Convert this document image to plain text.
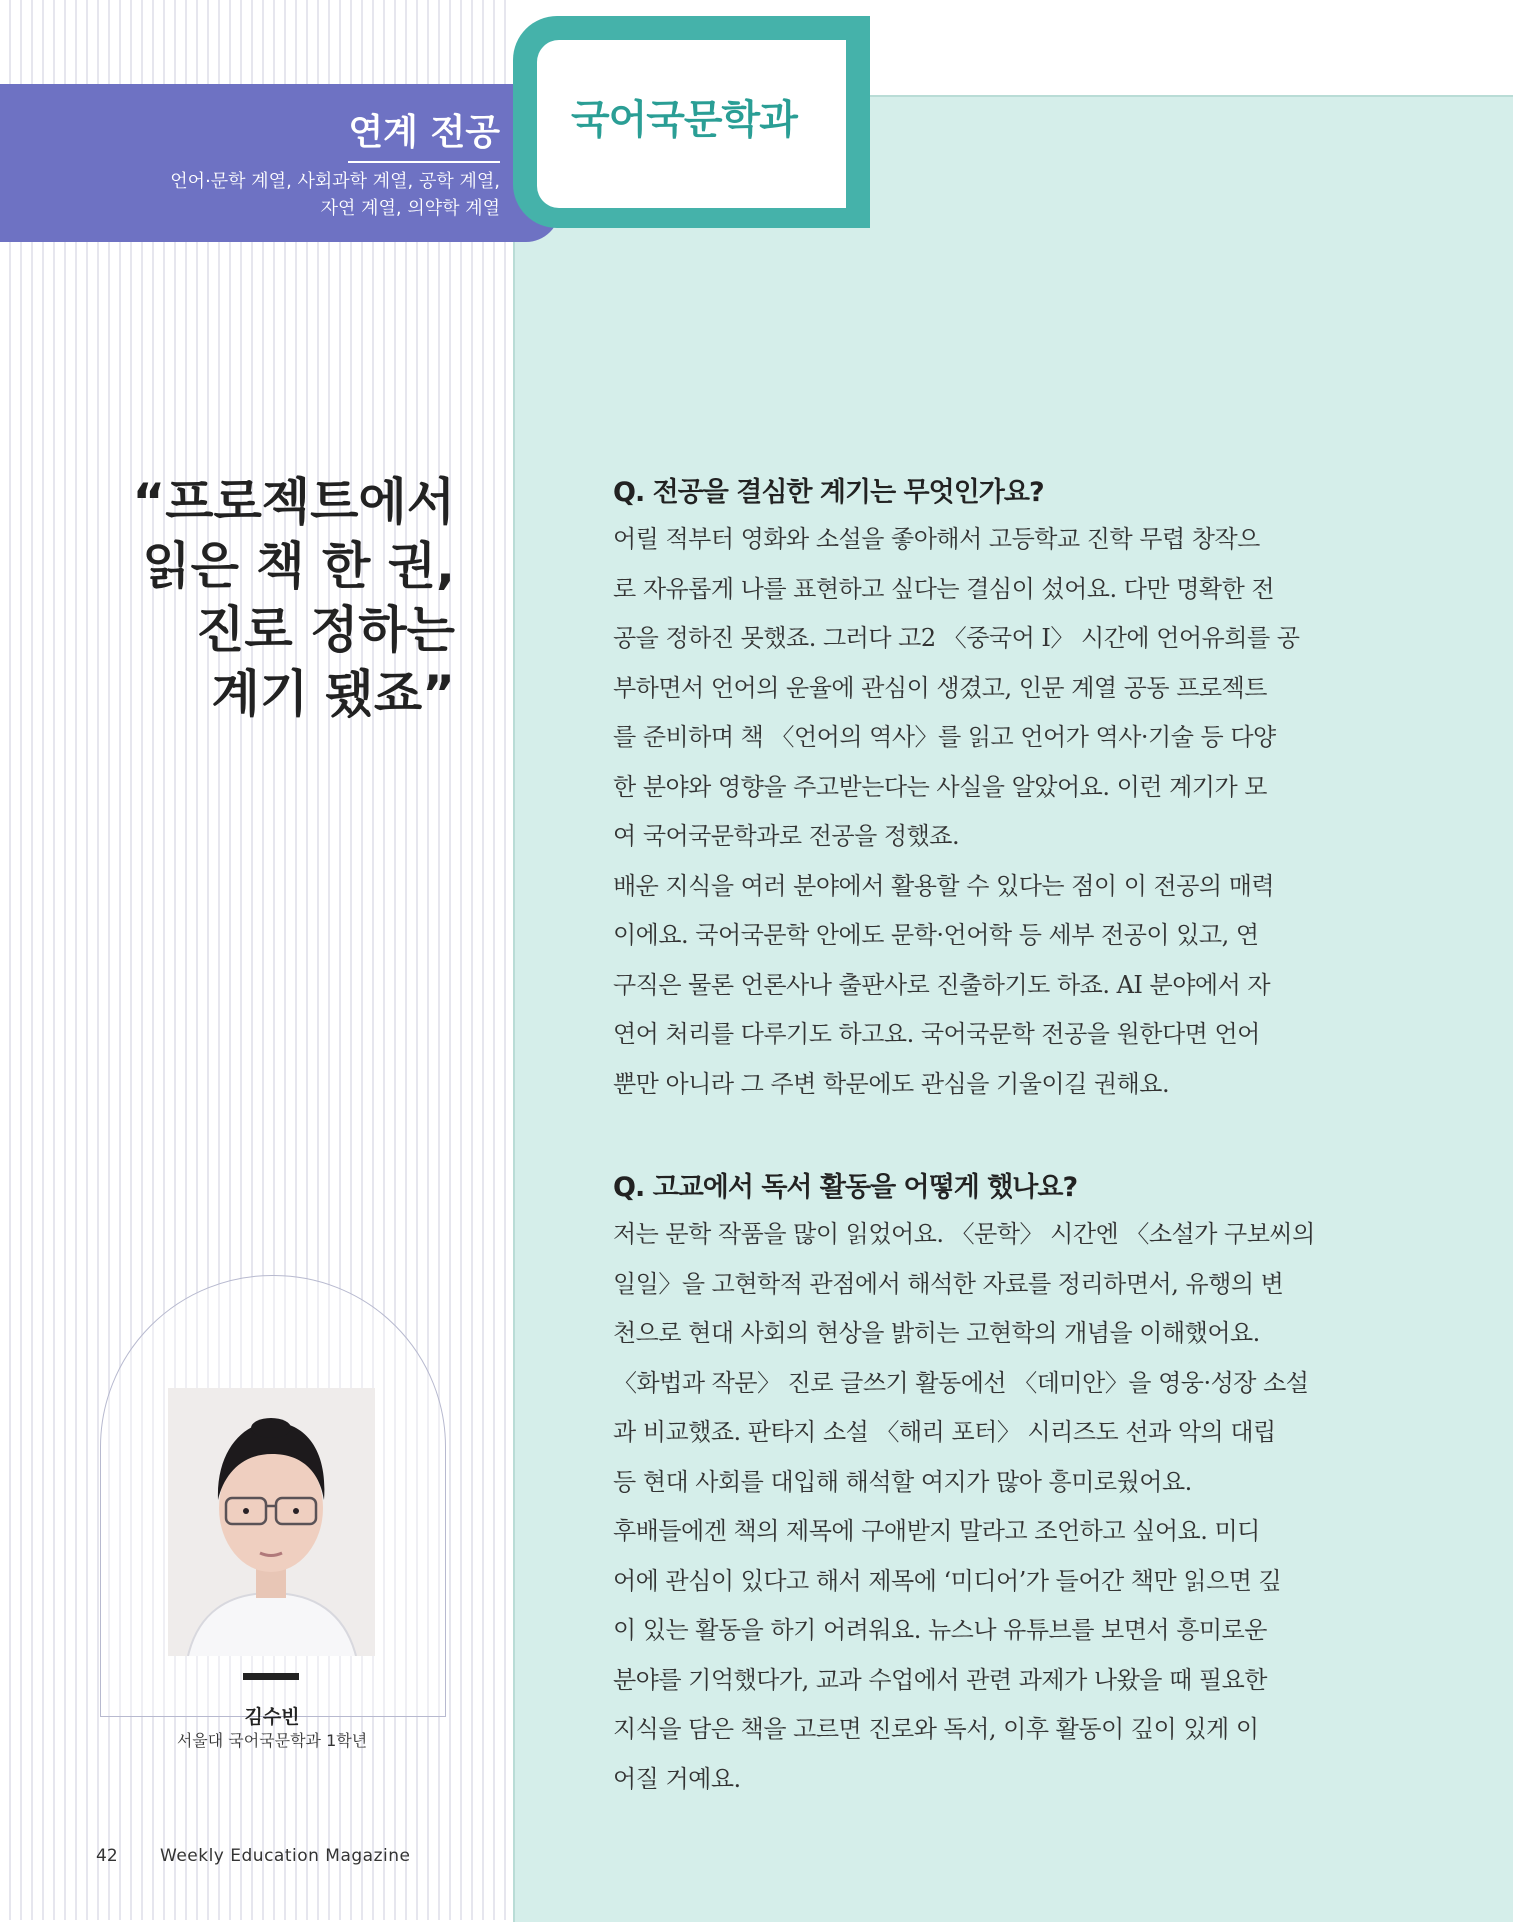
연계 전공
언어·문학 계열, 사회과학 계열, 공학 계열,
자연 계열, 의약학 계열
국어국문학과
“프로젝트에서
읽은 책 한 권,
진로 정하는
계기 됐죠”
김수빈
서울대 국어국문학과 1학년
Q. 전공을 결심한 계기는 무엇인가요?
어릴 적부터 영화와 소설을 좋아해서 고등학교 진학 무렵 창작으
로 자유롭게 나를 표현하고 싶다는 결심이 섰어요. 다만 명확한 전
공을 정하진 못했죠. 그러다 고2 〈중국어 Ⅰ〉 시간에 언어유희를 공
부하면서 언어의 운율에 관심이 생겼고, 인문 계열 공동 프로젝트
를 준비하며 책 〈언어의 역사〉를 읽고 언어가 역사·기술 등 다양
한 분야와 영향을 주고받는다는 사실을 알았어요. 이런 계기가 모
여 국어국문학과로 전공을 정했죠.
배운 지식을 여러 분야에서 활용할 수 있다는 점이 이 전공의 매력
이에요. 국어국문학 안에도 문학·언어학 등 세부 전공이 있고, 연
구직은 물론 언론사나 출판사로 진출하기도 하죠. AI 분야에서 자
연어 처리를 다루기도 하고요. 국어국문학 전공을 원한다면 언어
뿐만 아니라 그 주변 학문에도 관심을 기울이길 권해요.
Q. 고교에서 독서 활동을 어떻게 했나요?
저는 문학 작품을 많이 읽었어요. 〈문학〉 시간엔 〈소설가 구보씨의
일일〉을 고현학적 관점에서 해석한 자료를 정리하면서, 유행의 변
천으로 현대 사회의 현상을 밝히는 고현학의 개념을 이해했어요.
〈화법과 작문〉 진로 글쓰기 활동에선 〈데미안〉을 영웅·성장 소설
과 비교했죠. 판타지 소설 〈해리 포터〉 시리즈도 선과 악의 대립
등 현대 사회를 대입해 해석할 여지가 많아 흥미로웠어요.
후배들에겐 책의 제목에 구애받지 말라고 조언하고 싶어요. 미디
어에 관심이 있다고 해서 제목에 ‘미디어’가 들어간 책만 읽으면 깊
이 있는 활동을 하기 어려워요. 뉴스나 유튜브를 보면서 흥미로운
분야를 기억했다가, 교과 수업에서 관련 과제가 나왔을 때 필요한
지식을 담은 책을 고르면 진로와 독서, 이후 활동이 깊이 있게 이
어질 거예요.
42 Weekly Education Magazine
